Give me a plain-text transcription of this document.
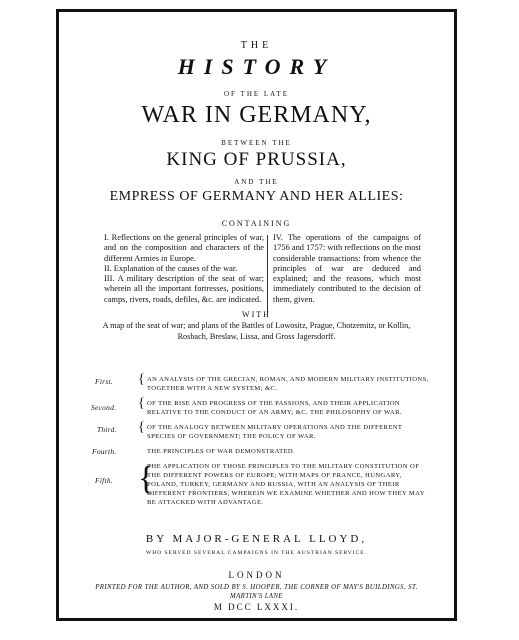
THE
HISTORY
OF THE LATE
WAR IN GERMANY,
BETWEEN THE
KING OF PRUSSIA,
AND THE
EMPRESS OF GERMANY AND HER ALLIES:
CONTAINING

I. Reflections on the general principles of war, and on the composition and characters of the different Armies in Europe.

II. Explanation of the causes of the war.

III. A military description of the seat of war; wherein all the important fortresses, positions, camps, rivers, roads, defiles, &c. are indicated.

IV. The operations of the campaigns of 1756 and 1757: with reflections on the most considerable transactions: from whence the principles of war are deduced and explained; and the reasons, which most immediately contributed to the decision of them, given.

WITH
A map of the seat of war; and plans of the Battles of Lowositz, Prague, Chotzemitz, or Kollin, Rosbach, Breslaw, Lissa, and Gross Jagersdorff.
First. { AN ANALYSIS OF THE GRECIAN, ROMAN, AND MODERN MILITARY INSTITUTIONS, TOGETHER WITH A NEW SYSTEM; &C.
Second. { OF THE RISE AND PROGRESS OF THE PASSIONS, AND THEIR APPLICATION RELATIVE TO THE CONDUCT OF AN ARMY; &C. THE PHILOSOPHY OF WAR.
Third. { OF THE ANALOGY BETWEEN MILITARY OPERATIONS AND THE DIFFERENT SPECIES OF GOVERNMENT; THE POLICY OF WAR.
Fourth.	THE PRINCIPLES OF WAR DEMONSTRATED.
Fifth. {
THE APPLICATION OF THOSE PRINCIPLES TO THE MILITARY CONSTITUTION OF THE DIFFERENT POWERS OF EUROPE; WITH MAPS OF FRANCE, HUNGARY, POLAND, TURKEY, GERMANY AND RUSSIA, WITH AN ANALYSIS OF THEIR DIFFERENT FRONTIERS, WHEREIN WE EXAMINE WHETHER AND HOW THEY MAY BE ATTACKED WITH ADVANTAGE.
BY MAJOR-GENERAL LLOYD,
WHO SERVED SEVERAL CAMPAIGNS IN THE AUSTRIAN SERVICE.
LONDON
PRINTED FOR THE AUTHOR, AND SOLD BY S. HOOPER, THE CORNER OF MAY'S BUILDINGS, ST. MARTIN'S LANE
M DCC LXXXI.
